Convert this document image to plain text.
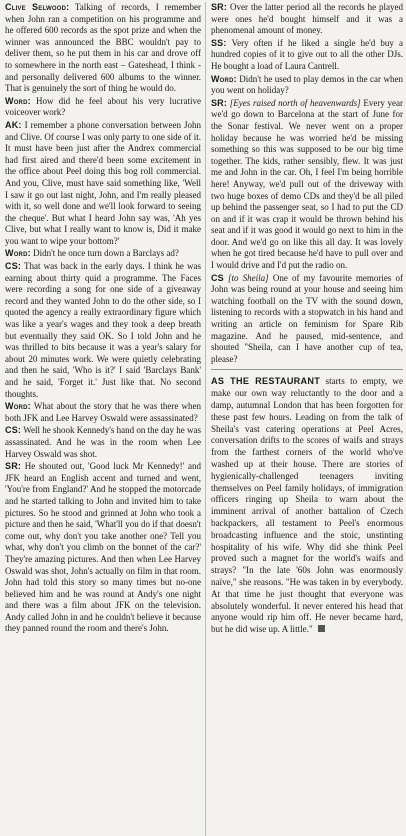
Clive Selwood: Talking of records, I remember when John ran a competition on his programme and he offered 600 records as the spot prize and when the winner was announced the BBC wouldn't pay to deliver them, so he put them in his car and drove off to somewhere in the north east – Gateshead, I think - and personally delivered 600 albums to the winner. That is genuinely the sort of thing he would do.

Word: How did he feel about his very lucrative voiceover work?

AK: I remember a phone conversation between John and Clive. Of course I was only party to one side of it. It must have been just after the Andrex commercial had first aired and there'd been some excitement in the office about Peel doing this bog roll commercial. And you, Clive, must have said something like, 'Well I saw it go out last night, John, and I'm really pleased with it, so well done and we'll look forward to seeing the cheque'. But what I heard John say was, 'Ah yes Clive, but what I really want to know is, Did it make you want to wipe your bottom?'

Word: Didn't he once turn down a Barclays ad?

CS: That was back in the early days. I think he was earning about thirty quid a programme. The Faces were recording a song for one side of a giveaway record and they wanted John to do the other side, so I quoted the agency a really extraordinary figure which was like a year's wages and they took a deep breath but eventually they said OK. So I told John and he was thrilled to bits because it was a year's salary for about 20 minutes work. We were quietly celebrating and then he said, 'Who is it?' I said 'Barclays Bank' and he said, 'Forget it.' Just like that. No second thoughts.

Word: What about the story that he was there when both JFK and Lee Harvey Oswald were assassinated?

CS: Well he shook Kennedy's hand on the day he was assassinated. And he was in the room when Lee Harvey Oswald was shot.

SR: He shouted out, 'Good luck Mr Kennedy!' and JFK heard an English accent and turned and went, 'You're from England?' And he stopped the motorcade and he started talking to John and invited him to take pictures. So he stood and grinned at John who took a picture and then he said, 'What'll you do if that doesn't come out, why don't you take another one? Tell you what, why don't you climb on the bonnet of the car?' They're amazing pictures. And then when Lee Harvey Oswald was shot, John's actually on film in that room. John had told this story so many times but no-one believed him and he was round at Andy's one night and there was a film about JFK on the television. Andy called John in and he couldn't believe it because they panned round the room and there's John.

SR: Over the latter period all the records he played were ones he'd bought himself and it was a phenomenal amount of money.

SS: Very often if he liked a single he'd buy a hundred copies of it to give out to all the other DJs. He bought a load of Laura Cantrell.

Word: Didn't he used to play demos in the car when you went on holiday?

SR: [Eyes raised north of heavenwards] Every year we'd go down to Barcelona at the start of June for the Sonar festival. We never went on a proper holiday because he was worried he'd be missing something so this was supposed to be our big time together. The kids, rather sensibly, flew. It was just me and John in the car. Oh, I feel I'm being horrible here! Anyway, we'd pull out of the driveway with two huge boxes of demo CDs and they'd be all piled up behind the passenger seat, so I had to put the CD on and if it was crap it would be thrown behind his seat and if it was good it would go next to him in the door. And we'd go on like this all day. It was lovely when he got tired because he'd have to pull over and I would drive and I'd put the radio on.

CS [to Sheila] One of my favourite memories of John was being round at your house and seeing him watching football on the TV with the sound down, listening to records with a stopwatch in his hand and writing an article on feminism for Spare Rib magazine. And he paused, mid-sentence, and shouted "Sheila, can I have another cup of tea, please?

AS THE RESTAURANT starts to empty, we make our own way reluctantly to the door and a damp, autumnal London that has been forgotten for these past few hours. Leading on from the talk of Sheila's vast catering operations at Peel Acres, conversation drifts to the scores of waifs and strays from the farthest corners of the world who've washed up at their house. There are stories of hygienically-challenged teenagers inviting themselves on Peel family holidays, of immigration officers ringing up Sheila to warn about the imminent arrival of another battalion of Czech backpackers, all testament to Peel's enormous broadcasting influence and the stoic, unstinting hospitality of his wife. Why did she think Peel proved such a magnet for the world's waifs and strays? "In the late '60s John was enormously naïve," she reasons. "He was taken in by everybody. At that time he just thought that everyone was absolutely wonderful. It never entered his head that anyone would rip him off. He never became hard, but he did wise up. A little."
